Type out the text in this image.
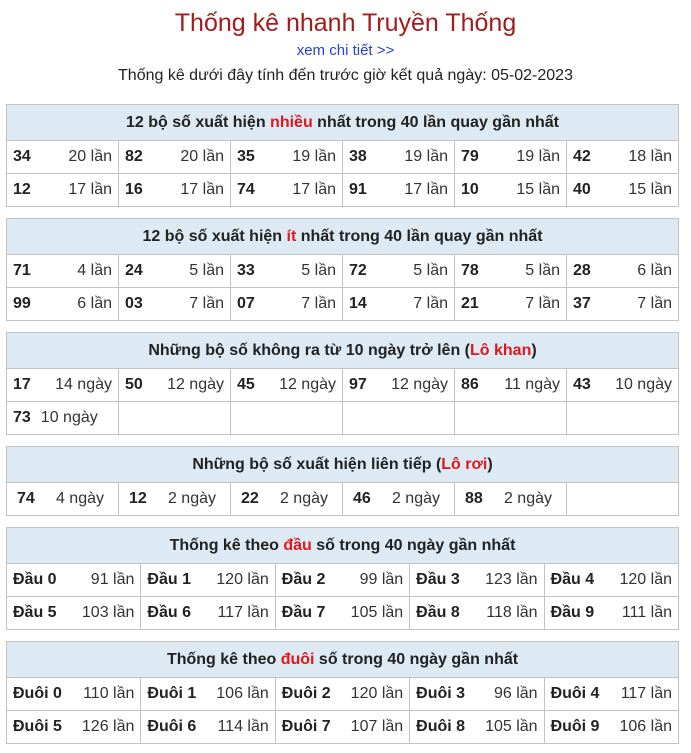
Thống kê nhanh Truyền Thống
xem chi tiết >>
Thống kê dưới đây tính đến trước giờ kết quả ngày: 05-02-2023
12 bộ số xuất hiện nhiều nhất trong 40 lần quay gần nhất					

34 20 lần	82 20 lần	35 19 lần	38 19 lần	79 19 lần	42 18 lần

12 17 lần	16 17 lần	74 17 lần	91 17 lần	10 15 lần	40 15 lần
12 bộ số xuất hiện ít nhất trong 40 lần quay gần nhất					

71 4 lần	24 5 lần	33 5 lần	72 5 lần	78 5 lần	28 6 lần

99 6 lần	03 7 lần	07 7 lần	14 7 lần	21 7 lần	37 7 lần
Những bộ số không ra từ 10 ngày trở lên (Lô khan)					

17 14 ngày	50 12 ngày	45 12 ngày	97 12 ngày	86 11 ngày	43 10 ngày

73 10 ngày					

Những bộ số xuất hiện liên tiếp (Lô rơi)

74 4 ngày	12 2 ngày	22 2 ngày	46 2 ngày	88 2 ngày

Thống kê theo đầu số trong 40 ngày gần nhất				

Đầu 0 91 lần	Đầu 1 120 lần	Đầu 2 99 lần	Đầu 3 123 lần	Đầu 4 120 lần

Đầu 5 103 lần	Đầu 6 117 lần	Đầu 7 105 lần	Đầu 8 118 lần	Đầu 9 111 lần
Thống kê theo đuôi số trong 40 ngày gần nhất				

Đuôi 0 110 lần	Đuôi 1 106 lần	Đuôi 2 120 lần	Đuôi 3 96 lần	Đuôi 4 117 lần

Đuôi 5 126 lần	Đuôi 6 114 lần	Đuôi 7 107 lần	Đuôi 8 105 lần	Đuôi 9 106 lần
